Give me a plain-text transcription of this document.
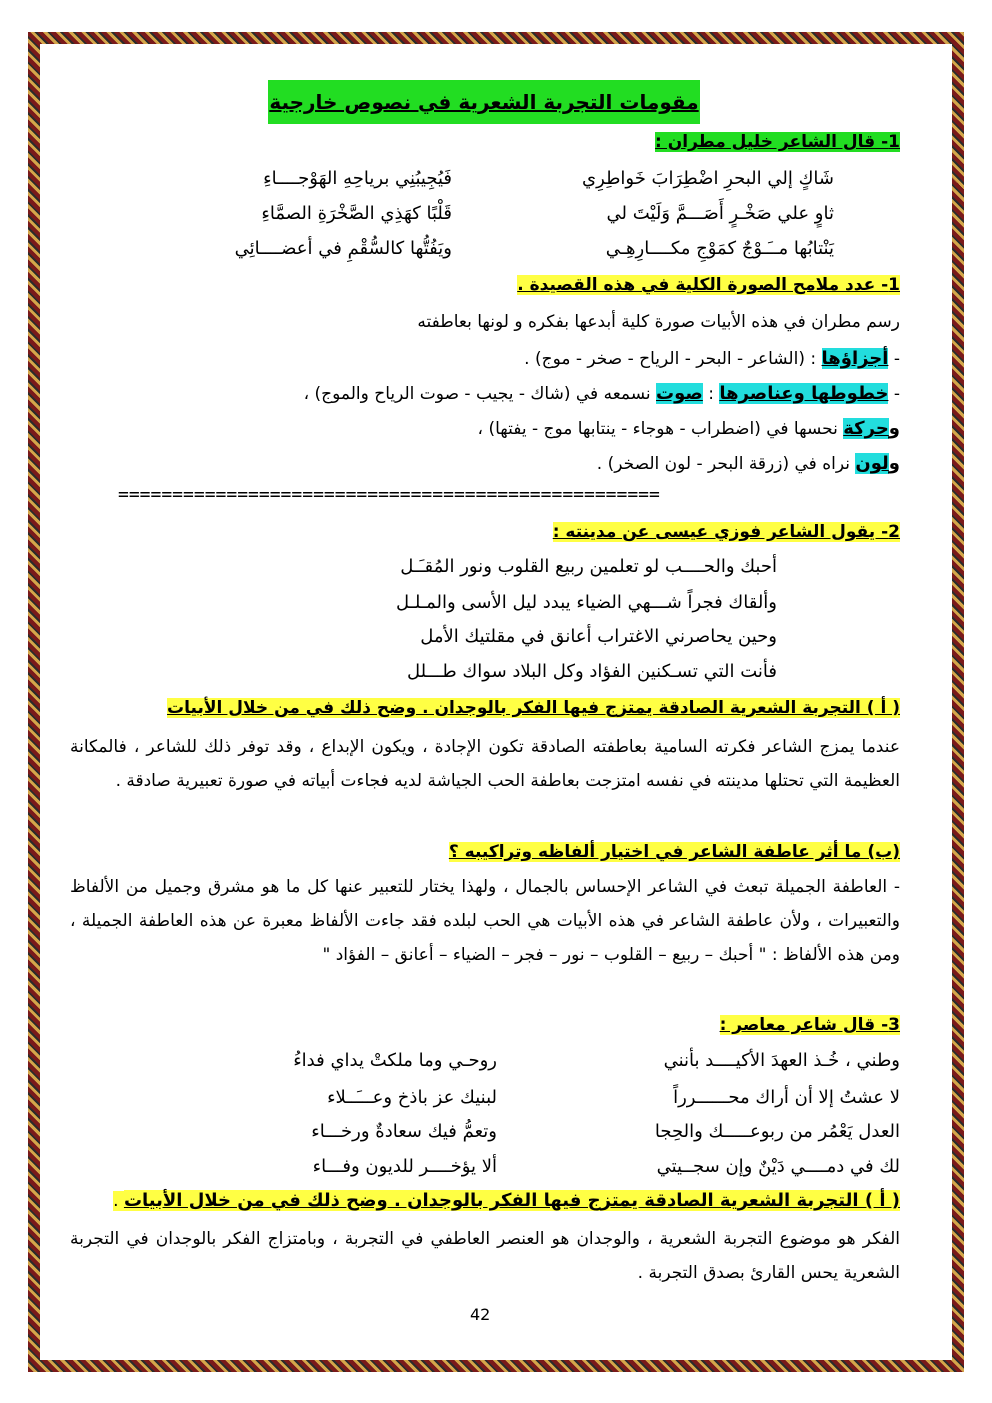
مقومات التجربة الشعرية في نصوص خارجية
1- قال الشاعر خليل مطران :
شَاكٍ إلي البحرِ اضْطِرَابَ خَواطِرِي
فَيُجِيبُنِي برياحِهِ الهَوْجــــاءِ
ثاوٍ علي صَخْـرٍ أَصَـــمَّ وَلَيْتَ لي
قَلْبًا كهَذِي الصَّخْرَةِ الصمَّاءِ
يَنْتابُها مــَـوْجٌ كمَوْجِ مكــــارِهِـي
ويَفُتُّها كالسُّقْمِ في أعضــــائِي
1- عدد ملامح الصورة الكلية في هذه القصيدة .
رسم مطران في هذه الأبيات صورة كلية أبدعها بفكره و لونها بعاطفته
- أجزاؤها : (الشاعر - البحر - الرياح - صخر - موج) .
- خطوطها وعناصرها : صوت نسمعه في (شاك - يجيب - صوت الرياح والموج) ،
وحركة نحسها في (اضطراب - هوجاء - ينتابها موج - يفتها) ،
ولون نراه في (زرقة البحر - لون الصخر) .
==================================================
2- يقول الشاعر فوزي عيسى عن مدينته :
أحبك والحــــب لو تعلمين ربيع القلوب ونور المُقـَـل
وألقاك فجراً شـــهي الضياء يبدد ليل الأسى والمـلـل
وحين يحاصرني الاغتراب أعانق في مقلتيك الأمل
فأنت التي تسـكنين الفؤاد وكل البلاد سواك طـــلل
( أ ) التجربة الشعرية الصادقة يمتزج فيها الفكر بالوجدان . وضح ذلك في من خلال الأبيات
عندما يمزج الشاعر فكرته السامية بعاطفته الصادقة تكون الإجادة ، ويكون الإبداع ، وقد توفر ذلك للشاعر ، فالمكانة العظيمة التي تحتلها مدينته في نفسه امتزجت بعاطفة الحب الجياشة لديه فجاءت أبياته في صورة تعبيرية صادقة .
(ب) ما أثر عاطفة الشاعر في اختيار ألفاظه وتراكيبه ؟
- العاطفة الجميلة تبعث في الشاعر الإحساس بالجمال ، ولهذا يختار للتعبير عنها كل ما هو مشرق وجميل من الألفاظ والتعبيرات ، ولأن عاطفة الشاعر في هذه الأبيات هي الحب لبلده فقد جاءت الألفاظ معبرة عن هذه العاطفة الجميلة ، ومن هذه الألفاظ : " أحبك – ربيع – القلوب – نور – فجر – الضياء – أعانق – الفؤاد "
3- قال شاعر معاصر :
وطني ، خُـذ العهدَ الأكيــــد بأنني
روحـي وما ملكتْ يداي فداءُ
لا عشتُ إلا أن أراك محــــــرراً
لبنيك عز باذخ وعـــَــلاء
العدل يَعْمُر من ربوعـــــك والحِجا
وتعمُّ فيك سعادةٌ ورخـــاء
لك في دمــــي دَيْنٌ وإن سجــيتي
ألا يؤخــــر للديون وفـــاء
( أ ) التجربة الشعرية الصادقة يمتزج فيها الفكر بالوجدان . وضح ذلك في من خلال الأبيات .
الفكر هو موضوع التجربة الشعرية ، والوجدان هو العنصر العاطفي في التجربة ، وبامتزاج الفكر بالوجدان في التجربة الشعرية يحس القارئ بصدق التجربة .
42
